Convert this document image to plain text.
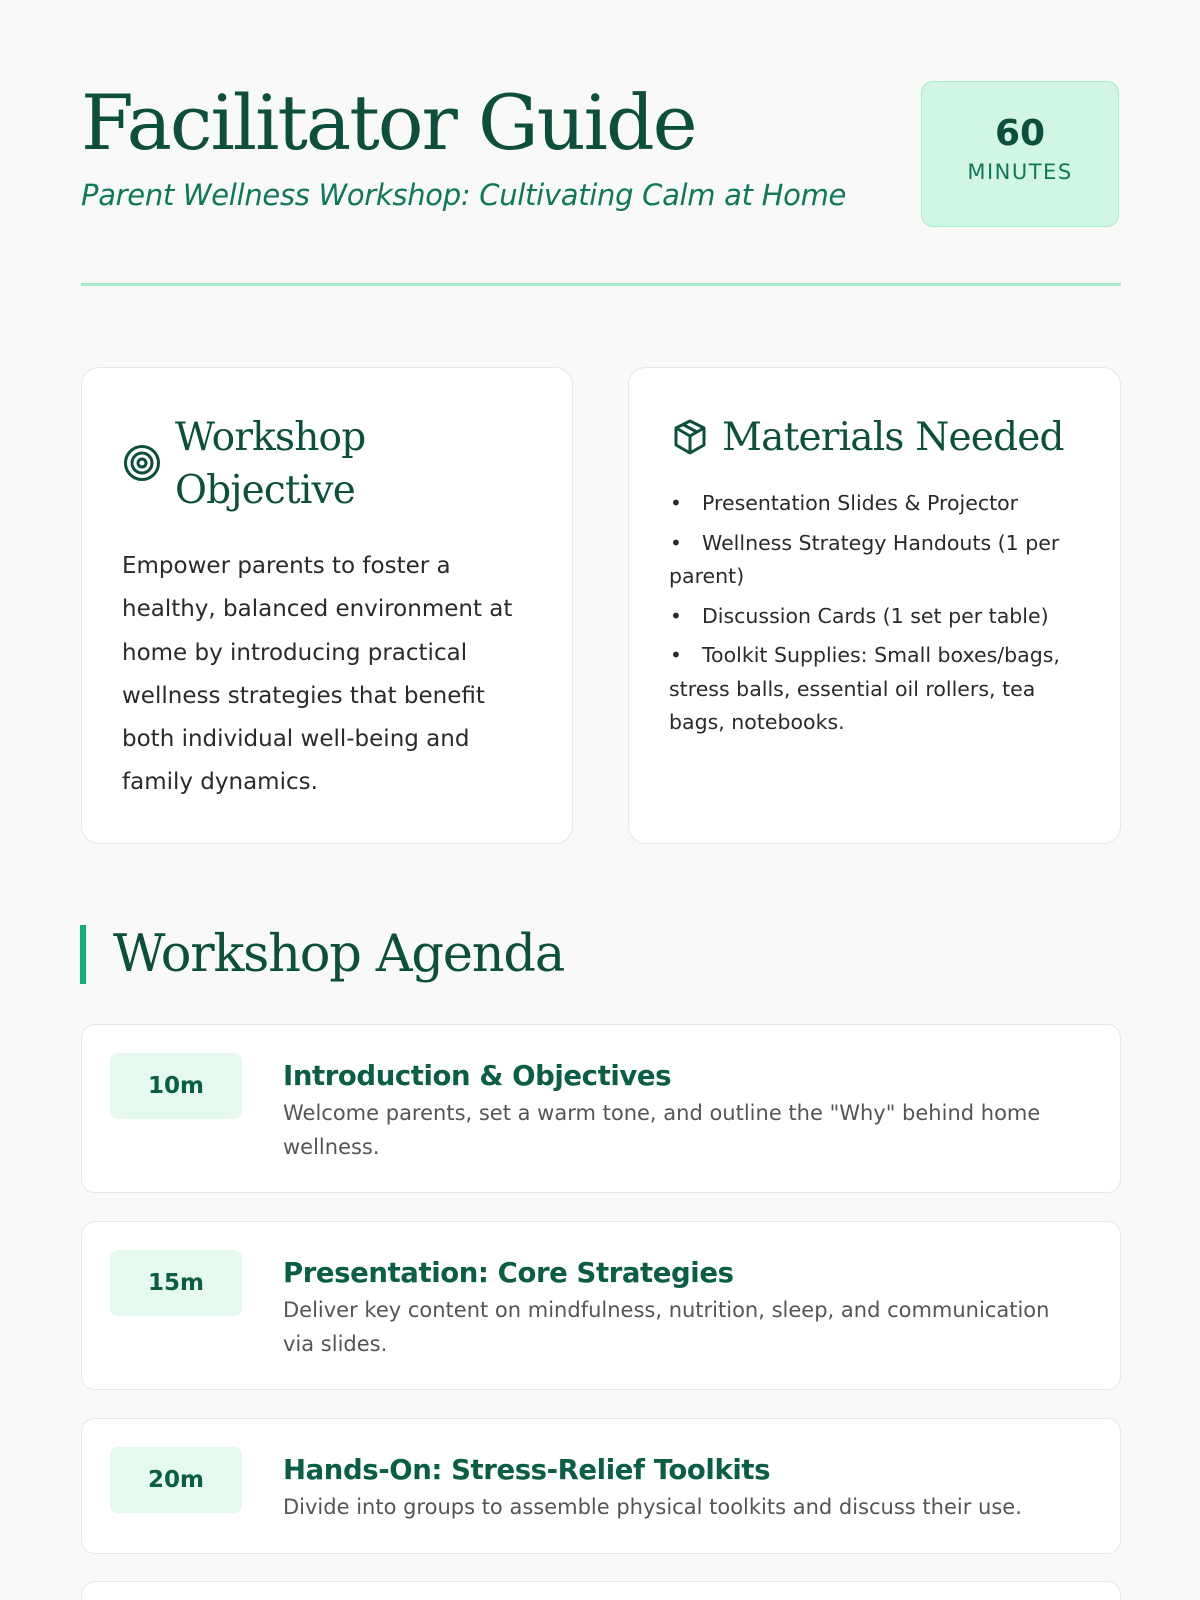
Facilitator Guide

Parent Wellness Workshop: Cultivating Calm at Home

60
MINUTES
Workshop Objective

Empower parents to foster a healthy, balanced environment at home by introducing practical wellness strategies that benefit both individual well-being and family dynamics.

Materials Needed
• Presentation Slides & Projector
• Wellness Strategy Handouts (1 per parent)
• Discussion Cards (1 set per table)
• Toolkit Supplies: Small boxes/bags, stress balls, essential oil rollers, tea bags, notebooks.
Workshop Agenda
10m	Introduction & Objectives

Welcome parents, set a warm tone, and outline the "Why" behind home wellness.

15m	Presentation: Core Strategies

Deliver key content on mindfulness, nutrition, sleep, and communication via slides.

20m	Hands-On: Stress-Relief Toolkits

Divide into groups to assemble physical toolkits and discuss their use.
